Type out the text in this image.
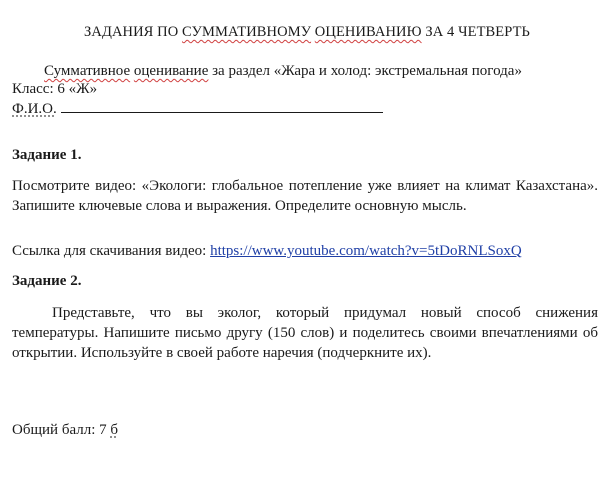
ЗАДАНИЯ ПО СУММАТИВНОМУ ОЦЕНИВАНИЮ ЗА 4 ЧЕТВЕРТЬ
Суммативное оценивание за раздел «Жара и холод: экстремальная погода»
Класс: 6 «Ж»
Ф.И.О.
Задание 1.
Посмотрите видео: «Экологи: глобальное потепление уже влияет на климат Казахстана». Запишите ключевые слова и выражения. Определите основную мысль.
Ссылка для скачивания видео: https://www.youtube.com/watch?v=5tDoRNLSoxQ
Задание 2.
Представьте, что вы эколог, который придумал новый способ снижения температуры. Напишите письмо другу (150 слов) и поделитесь своими впечатлениями об открытии. Используйте в своей работе наречия (подчеркните их).
Общий балл: 7 б
